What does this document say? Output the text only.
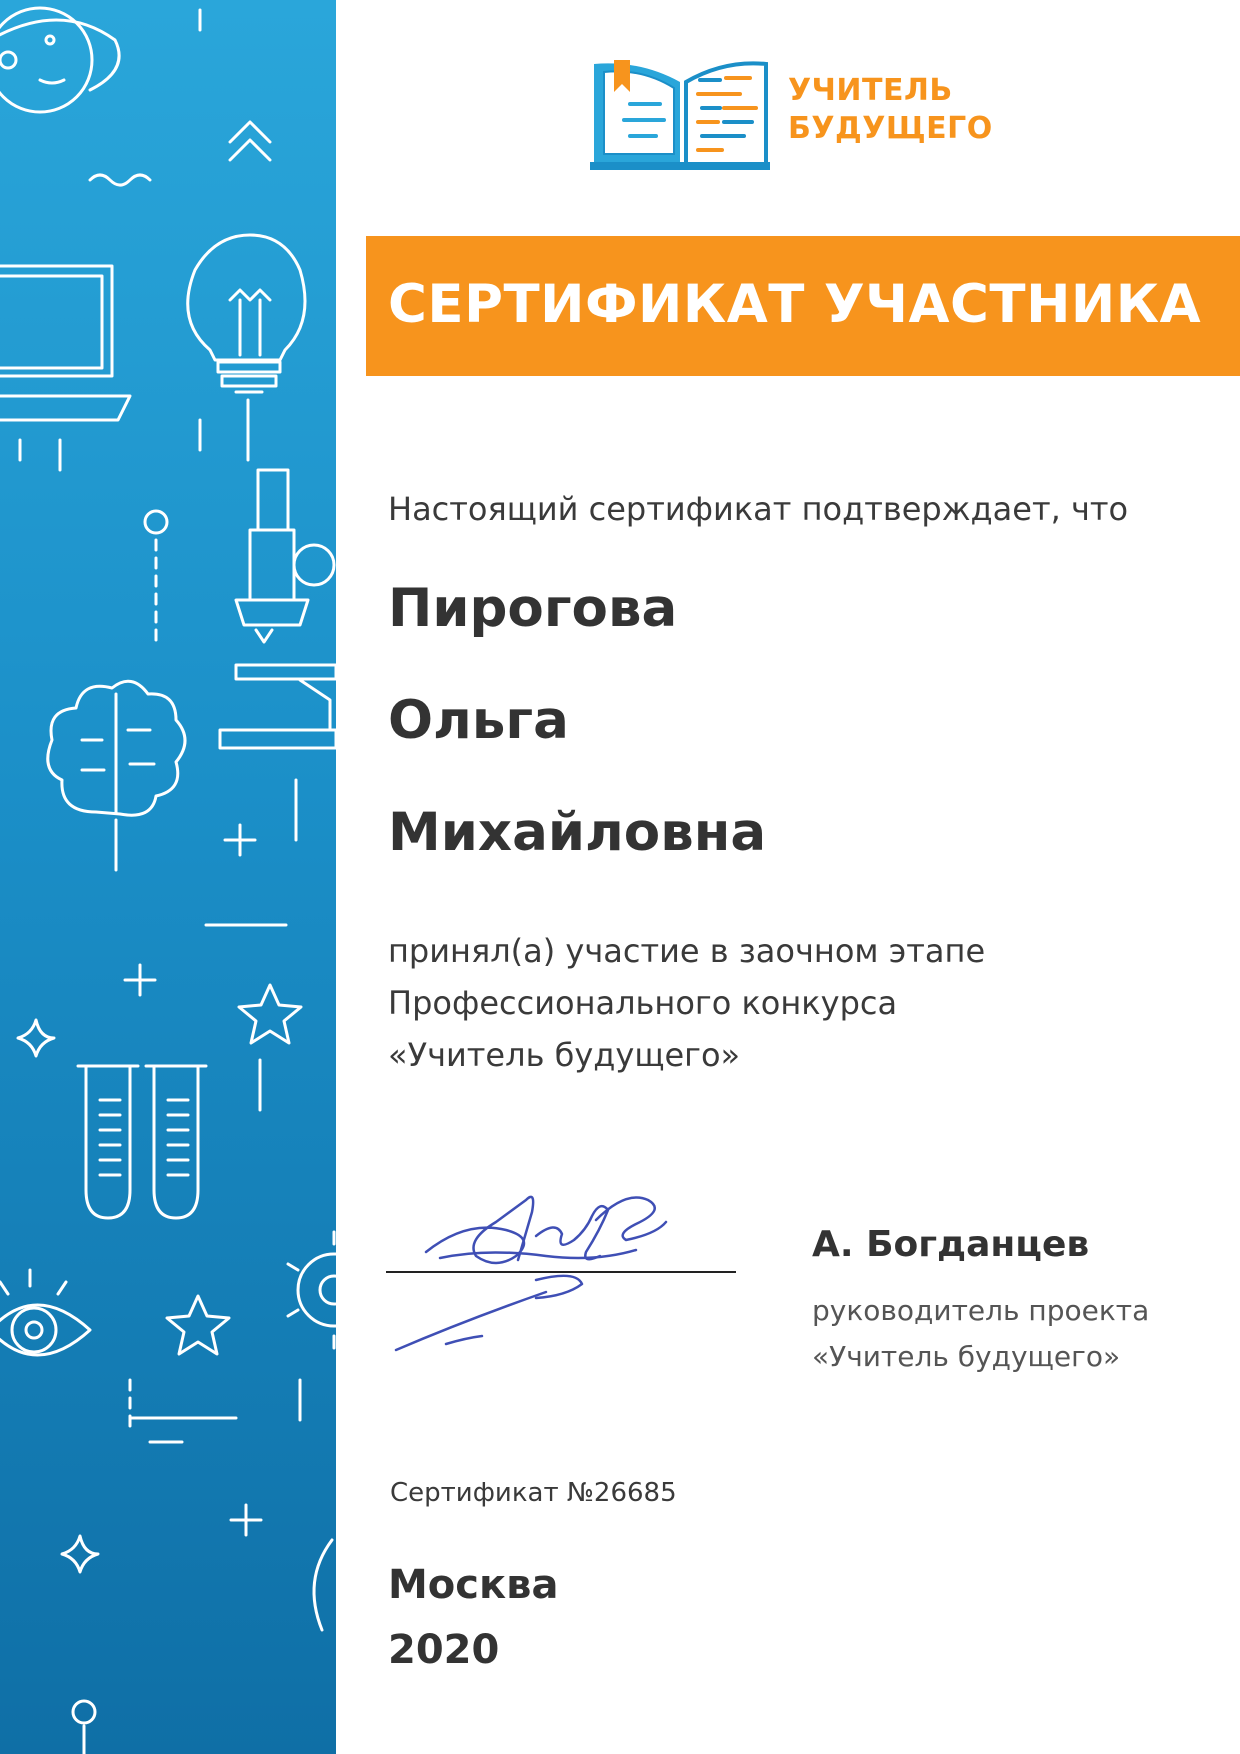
УЧИТЕЛЬ
БУДУЩЕГО
СЕРТИФИКАТ УЧАСТНИКА
Настоящий сертификат подтверждает, что
Пирогова
Ольга
Михайловна
принял(а) участие в заочном этапе
Профессионального конкурса
«Учитель будущего»
А. Богданцев
руководитель проекта
«Учитель будущего»
Сертификат №26685
Москва
2020
